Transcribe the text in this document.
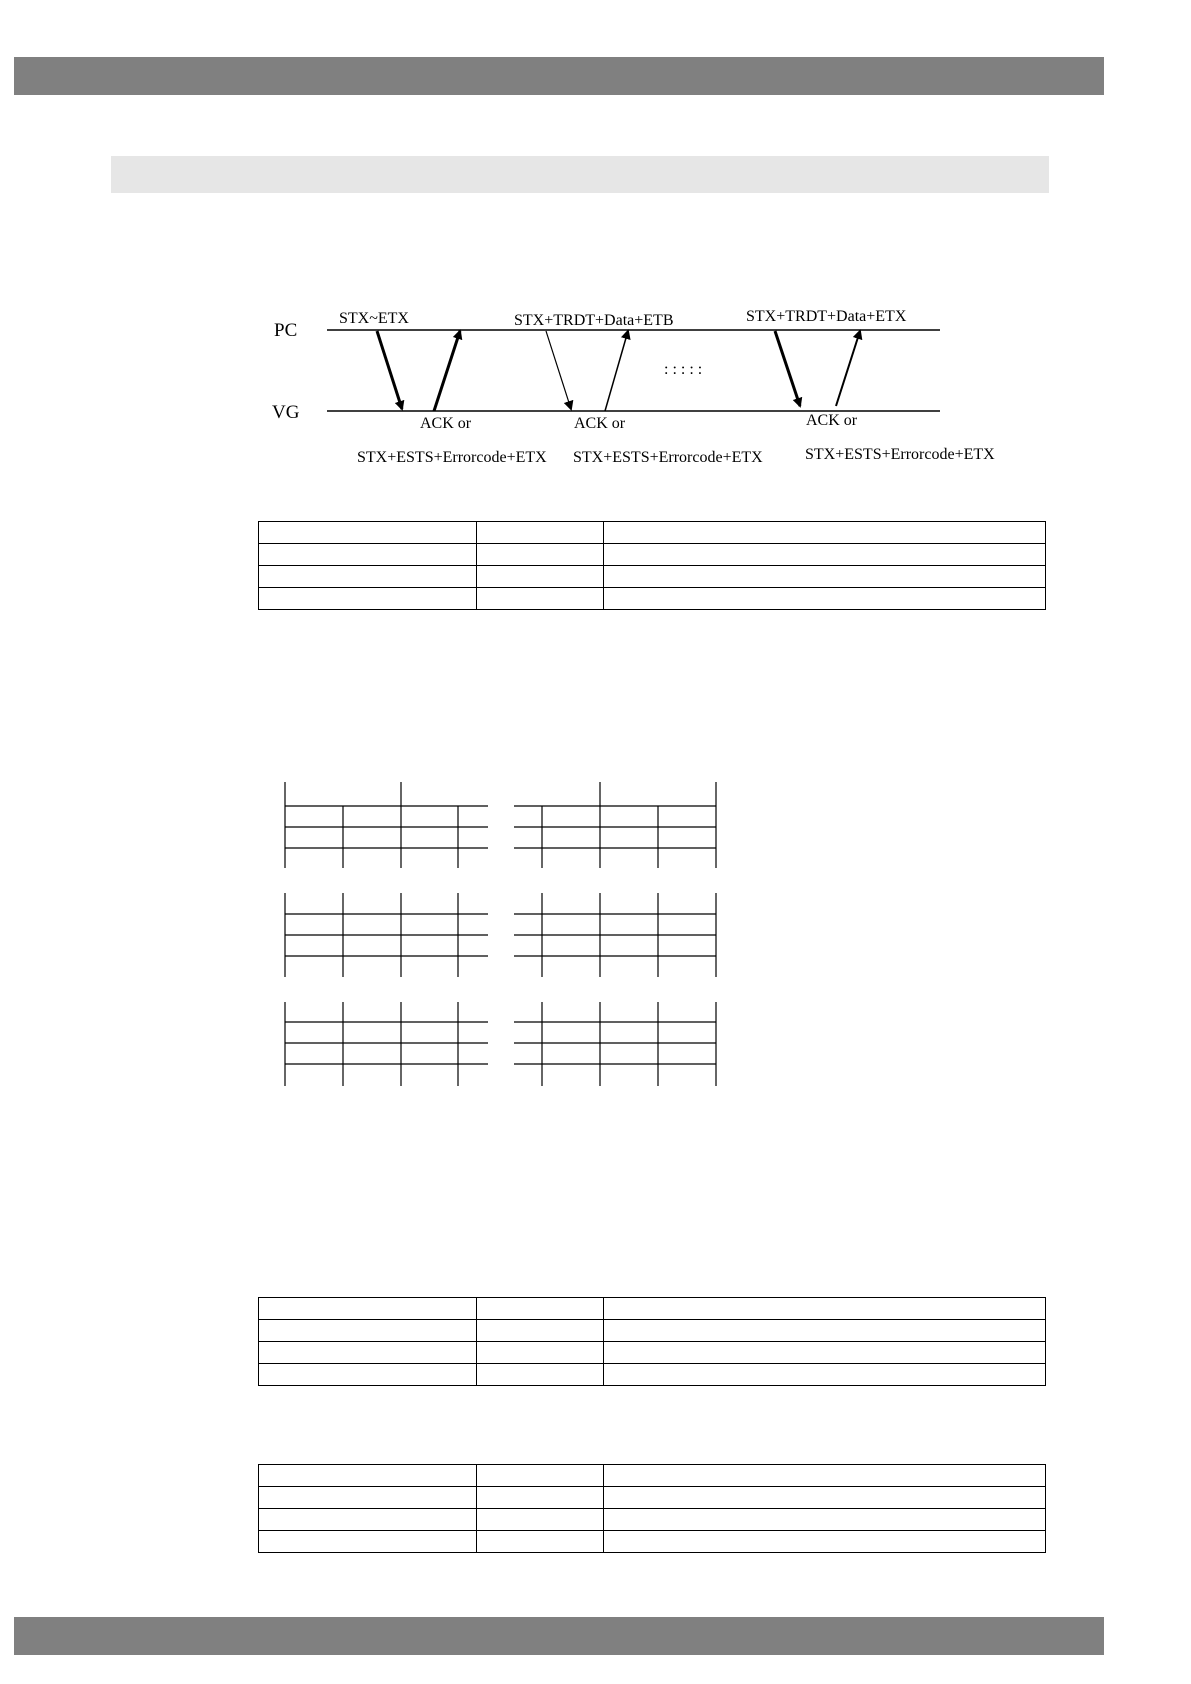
PC
VG
STX~ETX	STX+TRDT+Data+ETB	STX+TRDT+Data+ETX
: : : : :
ACK or	ACK or	ACK or
STX+ESTS+Errorcode+ETX STX+ESTS+Errorcode+ETX	STX+ESTS+Errorcode+ETX
